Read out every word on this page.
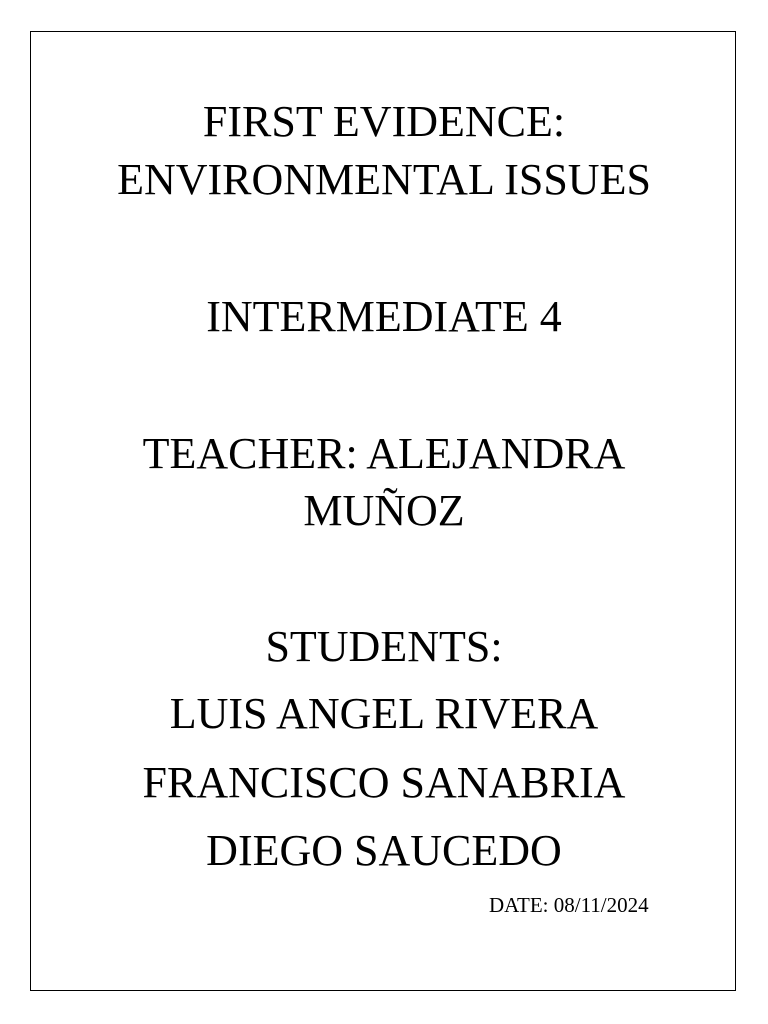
FIRST EVIDENCE:
ENVIRONMENTAL ISSUES
INTERMEDIATE 4
TEACHER: ALEJANDRA
MUÑOZ
STUDENTS:
LUIS ANGEL RIVERA
FRANCISCO SANABRIA
DIEGO SAUCEDO
DATE: 08/11/2024
